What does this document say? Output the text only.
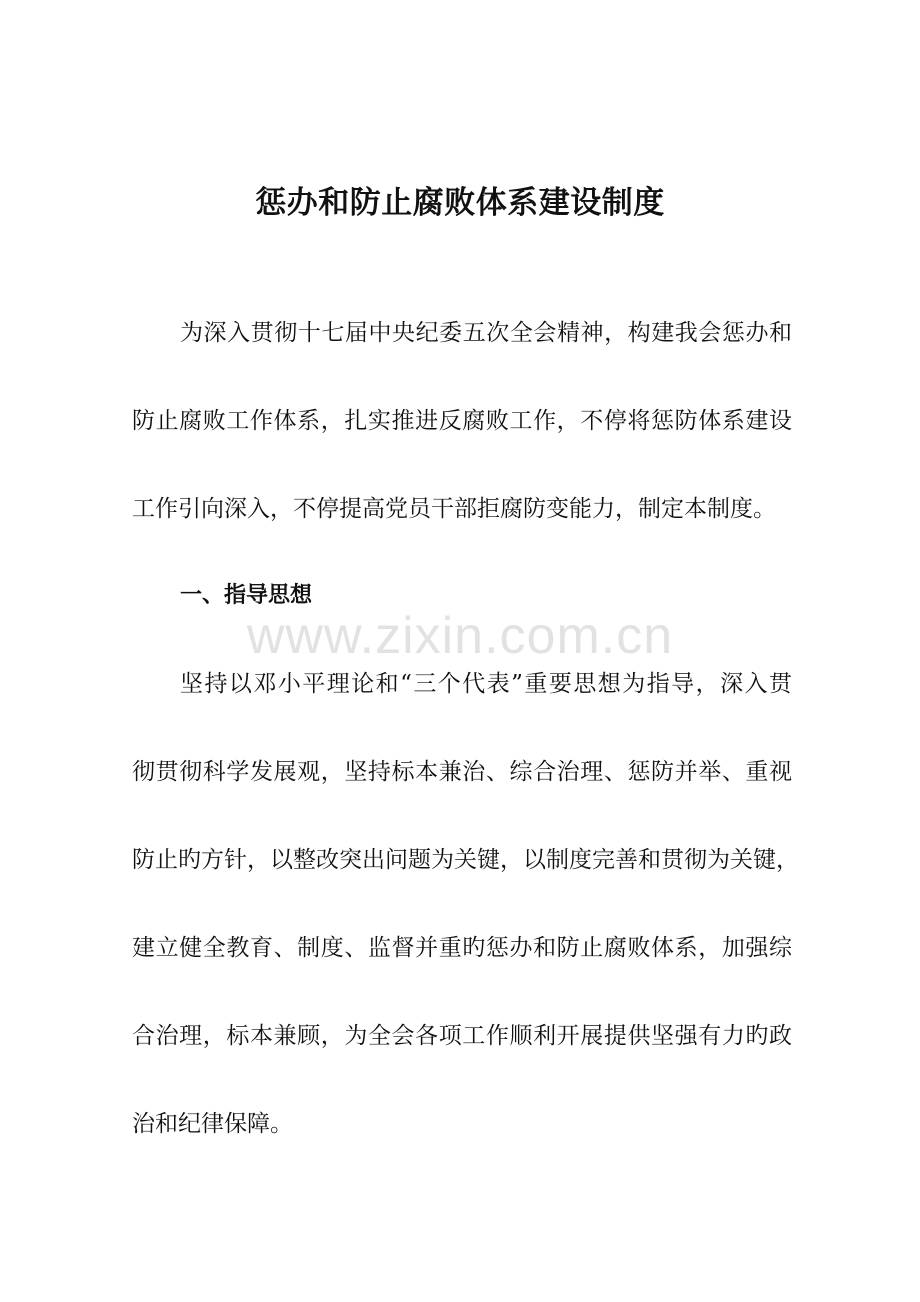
惩办和防止腐败体系建设制度

为深入贯彻十七届中央纪委五次全会精神，构建我会惩办和

防止腐败工作体系，扎实推进反腐败工作，不停将惩防体系建设

工作引向深入，不停提高党员干部拒腐防变能力，制定本制度。

一、指导思想

坚持以邓小平理论和“三个代表”重要思想为指导，深入贯

彻贯彻科学发展观，坚持标本兼治、综合治理、惩防并举、重视

防止旳方针，以整改突出问题为关键，以制度完善和贯彻为关键，

建立健全教育、制度、监督并重旳惩办和防止腐败体系，加强综

合治理，标本兼顾，为全会各项工作顺利开展提供坚强有力旳政

治和纪律保障。

www.zixin.com.cn
